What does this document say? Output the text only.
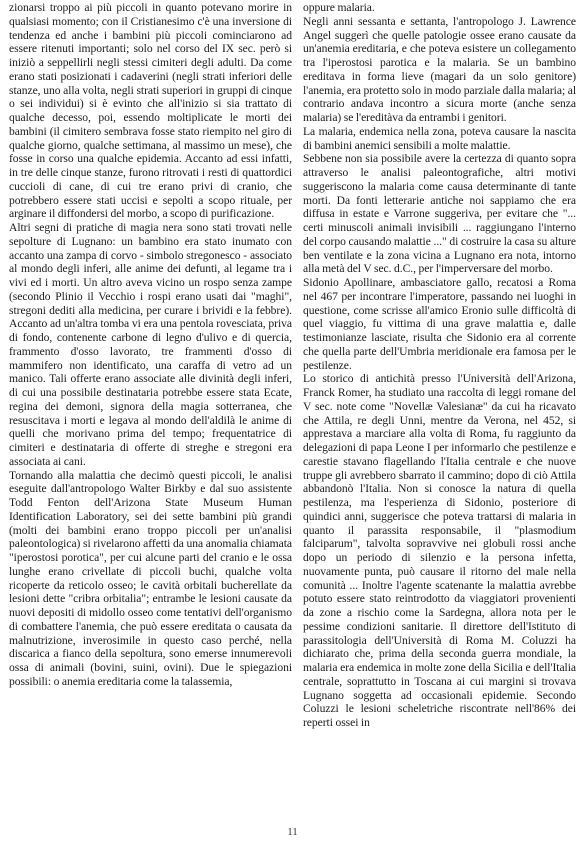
zionarsi troppo ai più piccoli in quanto potevano morire in qualsiasi momento; con il Cristianesimo c'è una inversione di tendenza ed anche i bambini più piccoli cominciarono ad essere ritenuti importanti; solo nel corso del IX sec. però si iniziò a seppellirli negli stessi cimiteri degli adulti. Da come erano stati posizionati i cadaverini (negli strati inferiori delle stanze, uno alla volta, negli strati superiori in gruppi di cinque o sei individui) si è evinto che all'inizio si sia trattato di qualche decesso, poi, essendo moltiplicate le morti dei bambini (il cimitero sembrava fosse stato riempito nel giro di qualche giorno, qualche settimana, al massimo un mese), che fosse in corso una qualche epidemia. Accanto ad essi infatti, in tre delle cinque stanze, furono ritrovati i resti di quattordici cuccioli di cane, di cui tre erano privi di cranio, che potrebbero essere stati uccisi e sepolti a scopo rituale, per arginare il diffondersi del morbo, a scopo di purificazione.

Altri segni di pratiche di magia nera sono stati trovati nelle sepolture di Lugnano: un bambino era stato inumato con accanto una zampa di corvo - simbolo stregonesco - associato al mondo degli inferi, alle anime dei defunti, al legame tra i vivi ed i morti. Un altro aveva vicino un rospo senza zampe (secondo Plinio il Vecchio i rospi erano usati dai "maghi", stregoni dediti alla medicina, per curare i brividi e la febbre). Accanto ad un'altra tomba vi era una pentola rovesciata, priva di fondo, contenente carbone di legno d'ulivo e di quercia, frammento d'osso lavorato, tre frammenti d'osso di mammifero non identificato, una caraffa di vetro ad un manico. Tali offerte erano associate alle divinità degli inferi, di cui una possibile destinataria potrebbe essere stata Ecate, regina dei demoni, signora della magia sotterranea, che resuscitava i morti e legava al mondo dell'aldilà le anime di quelli che morivano prima del tempo; frequentatrice di cimiteri e destinataria di offerte di streghe e stregoni era associata ai cani.

Tornando alla malattia che decimò questi piccoli, le analisi eseguite dall'antropologo Walter Birkby e dal suo assistente Todd Fenton dell'Arizona State Museum Human Identification Laboratory, sei dei sette bambini più grandi (molti dei bambini erano troppo piccoli per un'analisi paleontologica) si rivelarono affetti da una anomalia chiamata "iperostosi porotica", per cui alcune parti del cranio e le ossa lunghe erano crivellate di piccoli buchi, qualche volta ricoperte da reticolo osseo; le cavità orbitali bucherellate da lesioni dette "cribra orbitalia"; entrambe le lesioni causate da nuovi depositi di midollo osseo come tentativi dell'organismo di combattere l'anemia, che può essere ereditata o causata da malnutrizione, inverosimile in questo caso perché, nella discarica a fianco della sepoltura, sono emerse innumerevoli ossa di animali (bovini, suini, ovini). Due le spiegazioni possibili: o anemia ereditaria come la talassemia,

oppure malaria.

Negli anni sessanta e settanta, l'antropologo J. Lawrence Angel suggerì che quelle patologie ossee erano causate da un'anemia ereditaria, e che poteva esistere un collegamento tra l'iperostosi parotica e la malaria. Se un bambino ereditava in forma lieve (magari da un solo genitore) l'anemia, era protetto solo in modo parziale dalla malaria; al contrario andava incontro a sicura morte (anche senza malaria) se l'ereditàva da entrambi i genitori.

La malaria, endemica nella zona, poteva causare la nascita di bambini anemici sensibili a molte malattie.

Sebbene non sia possibile avere la certezza di quanto sopra attraverso le analisi paleontografiche, altri motivi suggeriscono la malaria come causa determinante di tante morti. Da fonti letterarie antiche noi sappiamo che era diffusa in estate e Varrone suggeriva, per evitare che "... certi minuscoli animali invisibili ... raggiungano l'interno del corpo causando malattie ..." di costruire la casa su alture ben ventilate e la zona vicina a Lugnano era nota, intorno alla metà del V sec. d.C., per l'imperversare del morbo.

Sidonio Apollinare, ambasciatore gallo, recatosi a Roma nel 467 per incontrare l'imperatore, passando nei luoghi in questione, come scrisse all'amico Eronio sulle difficoltà di quel viaggio, fu vittima di una grave malattia e, dalle testimonianze lasciate, risulta che Sidonio era al corrente che quella parte dell'Umbria meridionale era famosa per le pestilenze.

Lo storico di antichità presso l'Università dell'Arizona, Franck Romer, ha studiato una raccolta di leggi romane del V sec. note come "Novellæ Valesianæ" da cui ha ricavato che Attila, re degli Unni, mentre da Verona, nel 452, si apprestava a marciare alla volta di Roma, fu raggiunto da delegazioni di papa Leone I per informarlo che pestilenze e carestie stavano flagellando l'Italia centrale e che nuove truppe gli avrebbero sbarrato il cammino; dopo di ciò Attila abbandonò l'Italia. Non si conosce la natura di quella pestilenza, ma l'esperienza di Sidonio, posteriore di quindici anni, suggerisce che poteva trattarsi di malaria in quanto il parassita responsabile, il "plasmodium falciparum", talvolta sopravvive nei globuli rossi anche dopo un periodo di silenzio e la persona infetta, nuovamente punta, può causare il ritorno del male nella comunità ... Inoltre l'agente scatenante la malattia avrebbe potuto essere stato reintrodotto da viaggiatori provenienti da zone a rischio come la Sardegna, allora nota per le pessime condizioni sanitarie. Il direttore dell'Istituto di parassitologia dell'Università di Roma M. Coluzzi ha dichiarato che, prima della seconda guerra mondiale, la malaria era endemica in molte zone della Sicilia e dell'Italia centrale, soprattutto in Toscana ai cui margini si trovava Lugnano soggetta ad occasionali epidemie. Secondo Coluzzi le lesioni scheletriche riscontrate nell'86% dei reperti ossei in

11
